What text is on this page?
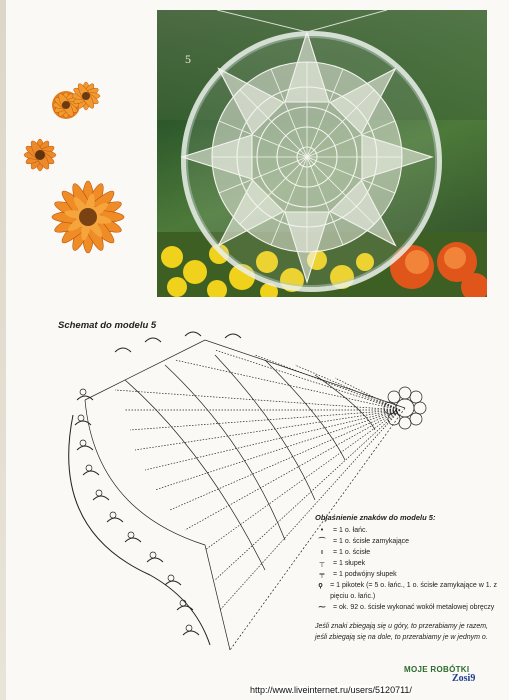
5
Schemat do modelu 5
Objaśnienie znaków do modelu 5:
•	= 1 o. łańc.
⌒	= 1 o. ścisłe zamykające
ı	= 1 o. ścisłe
┬	= 1 słupek
╤	= 1 podwójny słupek
ϙ	= 1 pikotek (= 5 o. łańc., 1 o. ścisłe zamykające w 1. z pięciu o. łańc.)
⁓	= ok. 92 o. ścisłe wykonać wokół metalowej obręczy
Jeśli znaki zbiegają się u góry, to przerabiamy je razem, jeśli zbiegają się na dole, to przerabiamy je w jednym o.
MOJE ROBÓTKI
Zosi9
http://www.liveinternet.ru/users/5120711/
